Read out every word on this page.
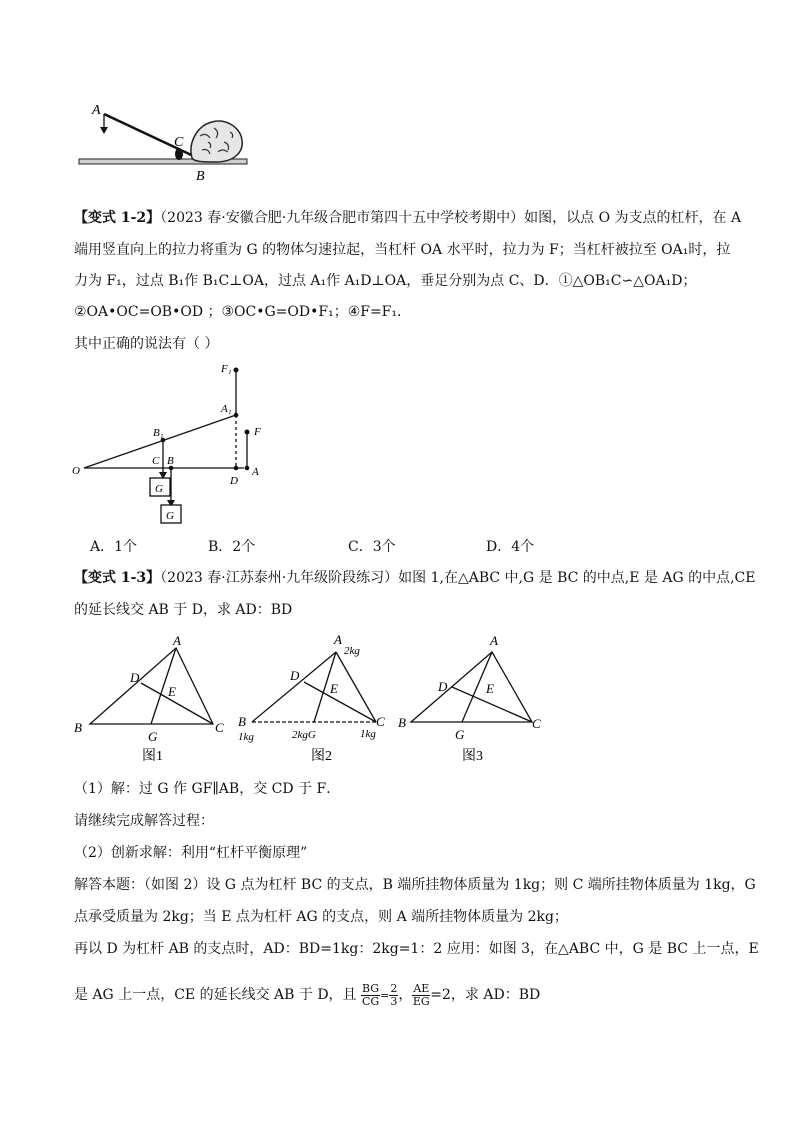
A
C
B
【变式 1-2】（2023 春·安徽合肥·九年级合肥市第四十五中学校考期中）如图，以点 O 为支点的杠杆，在 A
端用竖直向上的拉力将重为 G 的物体匀速拉起，当杠杆 OA 水平时，拉力为 F；当杠杆被拉至 OA₁时，拉
力为 F₁，过点 B₁作 B₁C⊥OA，过点 A₁作 A₁D⊥OA，垂足分别为点 C、D．①△OB₁C∽△OA₁D；
②OA•OC=OB•OD ；③OC•G=OD•F₁；④F=F₁．
其中正确的说法有（ ）
F₁
A₁
B₁	F
O
C B
D
A
G
G
A．1个	B．2个	C．3个	D．4个
【变式 1-3】（2023 春·江苏泰州·九年级阶段练习）如图 1,在△ABC 中,G 是 BC 的中点,E 是 AG 的中点,CE
的延长线交 AB 于 D，求 AD：BD
A
D
E
B
G
C
图1
A
2kg
D
E
B	C
1kg	2kgG	1kg
图2
A
D	E
B
G
C
图3
（1）解：过 G 作 GF∥AB，交 CD 于 F．
请继续完成解答过程：
（2）创新求解：利用“杠杆平衡原理”
解答本题：（如图 2）设 G 点为杠杆 BC 的支点，B 端所挂物体质量为 1kg；则 C 端所挂物体质量为 1kg，G
点承受质量为 2kg；当 E 点为杠杆 AG 的支点，则 A 端所挂物体质量为 2kg；
再以 D 为杠杆 AB 的支点时，AD：BD=1kg：2kg=1：2 应用：如图 3，在△ABC 中，G 是 BC 上一点，E
是 AG 上一点，CE 的延长线交 AB 于 D，且 $\frac{BG}{CG} = \frac{2}{3}$ ， $\frac{AE}{EG} =2$，求 AD：BD
